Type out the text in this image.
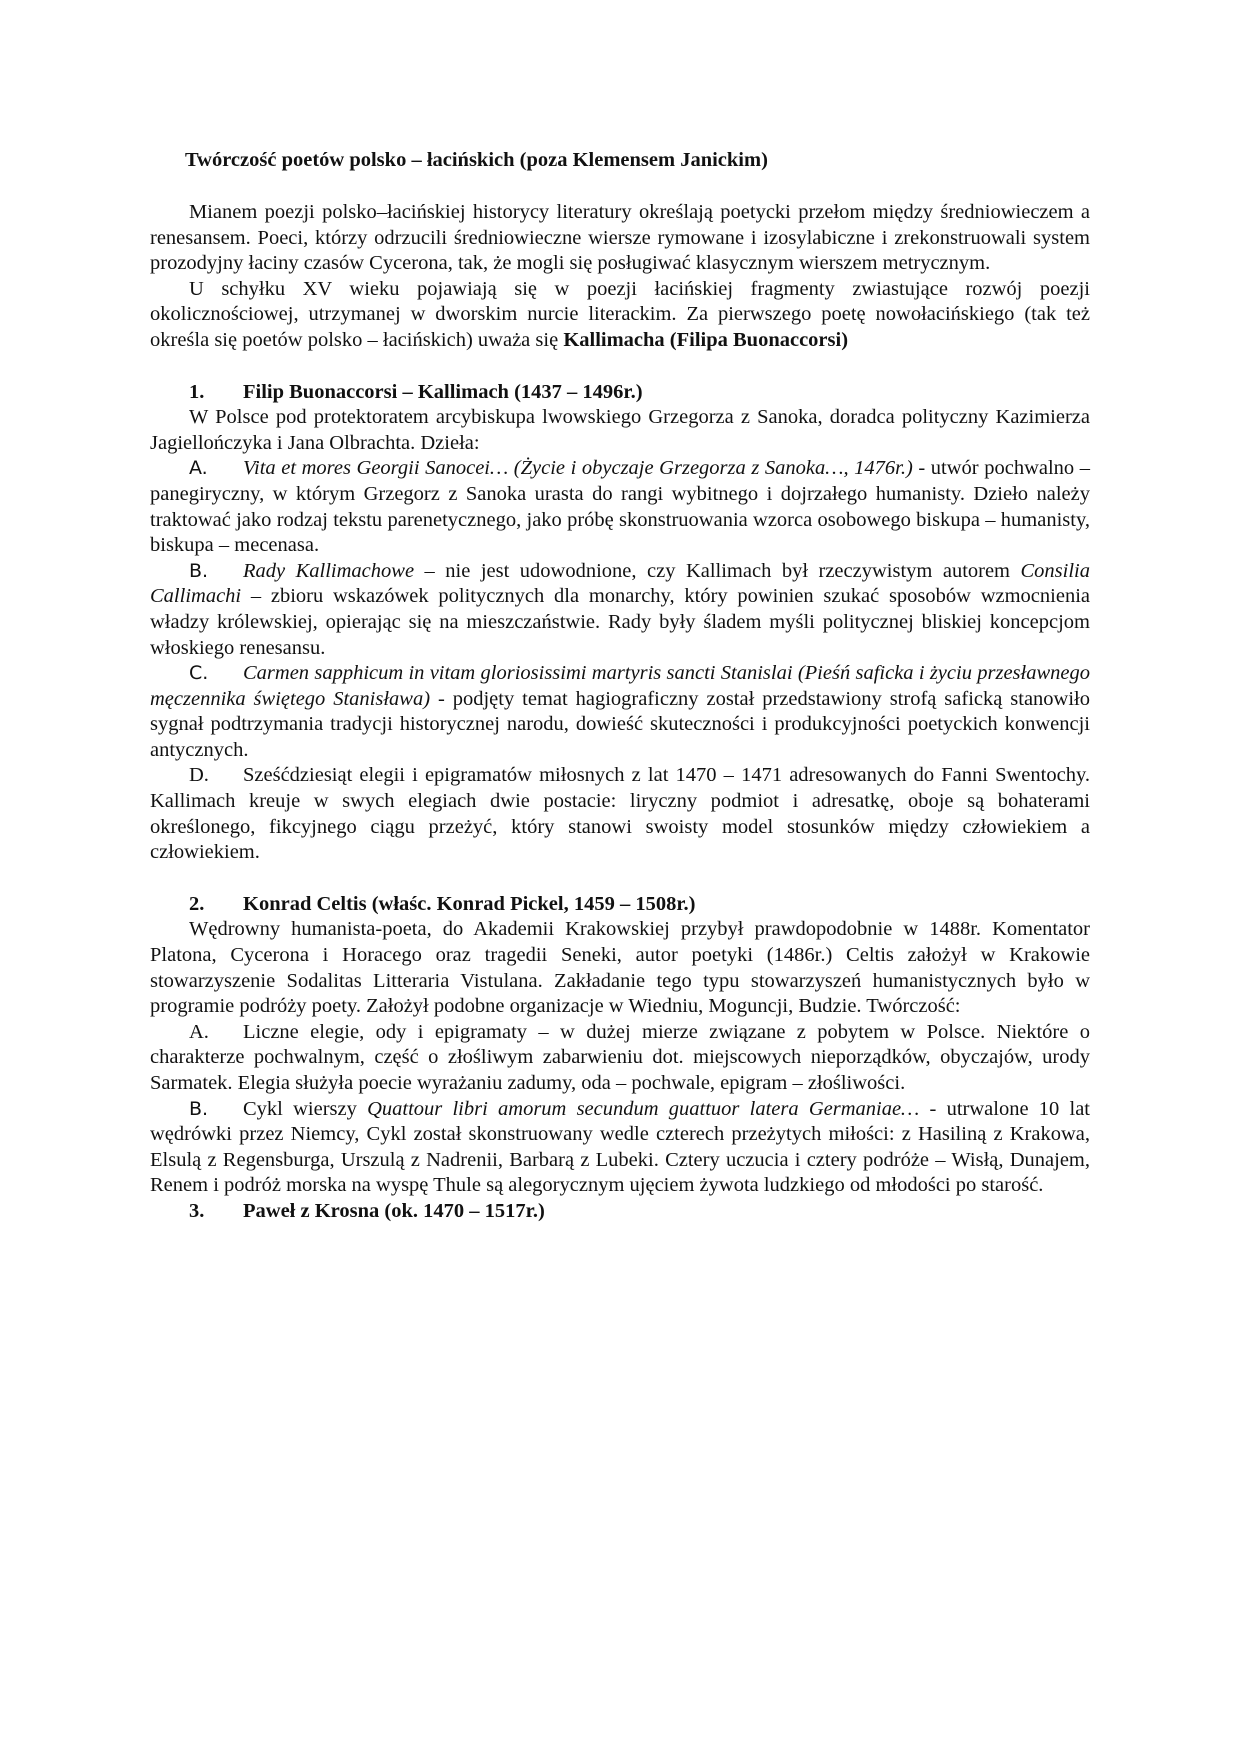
Twórczość poetów polsko – łacińskich (poza Klemensem Janickim)

Mianem poezji polsko–łacińskiej historycy literatury określają poetycki przełom między średniowieczem a renesansem. Poeci, którzy odrzucili średniowieczne wiersze rymowane i izosylabiczne i zrekonstruowali system prozodyjny łaciny czasów Cycerona, tak, że mogli się posługiwać klasycznym wierszem metrycznym.

U schyłku XV wieku pojawiają się w poezji łacińskiej fragmenty zwiastujące rozwój poezji okolicznościowej, utrzymanej w dworskim nurcie literackim. Za pierwszego poetę nowołacińskiego (tak też określa się poetów polsko – łacińskich) uważa się Kallimacha (Filipa Buonaccorsi)

1.	Filip Buonaccorsi – Kallimach (1437 – 1496r.)

W Polsce pod protektoratem arcybiskupa lwowskiego Grzegorza z Sanoka, doradca polityczny Kazimierza Jagiellończyka i Jana Olbrachta. Dzieła:

A. Vita et mores Georgii Sanocei… (Życie i obyczaje Grzegorza z Sanoka…, 1476r.) - utwór pochwalno – panegiryczny, w którym Grzegorz z Sanoka urasta do rangi wybitnego i dojrzałego humanisty. Dzieło należy traktować jako rodzaj tekstu parenetycznego, jako próbę skonstruowania wzorca osobowego biskupa – humanisty, biskupa – mecenasa.

B. Rady Kallimachowe – nie jest udowodnione, czy Kallimach był rzeczywistym autorem Consilia Callimachi – zbioru wskazówek politycznych dla monarchy, który powinien szukać sposobów wzmocnienia władzy królewskiej, opierając się na mieszczaństwie. Rady były śladem myśli politycznej bliskiej koncepcjom włoskiego renesansu.

C. Carmen sapphicum in vitam gloriosissimi martyris sancti Stanislai (Pieśń saficka i życiu przesławnego męczennika świętego Stanisława) - podjęty temat hagiograficzny został przedstawiony strofą saficką stanowiło sygnał podtrzymania tradycji historycznej narodu, dowieść skuteczności i produkcyjności poetyckich konwencji antycznych.

D. Sześćdziesiąt elegii i epigramatów miłosnych z lat 1470 – 1471 adresowanych do Fanni Swentochy. Kallimach kreuje w swych elegiach dwie postacie: liryczny podmiot i adresatkę, oboje są bohaterami określonego, fikcyjnego ciągu przeżyć, który stanowi swoisty model stosunków między człowiekiem a człowiekiem.

2.	Konrad Celtis (właśc. Konrad Pickel, 1459 – 1508r.)

Wędrowny humanista-poeta, do Akademii Krakowskiej przybył prawdopodobnie w 1488r. Komentator Platona, Cycerona i Horacego oraz tragedii Seneki, autor poetyki (1486r.) Celtis założył w Krakowie stowarzyszenie Sodalitas Litteraria Vistulana. Zakładanie tego typu stowarzyszeń humanistycznych było w programie podróży poety. Założył podobne organizacje w Wiedniu, Moguncji, Budzie. Twórczość:

A. Liczne elegie, ody i epigramaty – w dużej mierze związane z pobytem w Polsce. Niektóre o charakterze pochwalnym, część o złośliwym zabarwieniu dot. miejscowych nieporządków, obyczajów, urody Sarmatek. Elegia służyła poecie wyrażaniu zadumy, oda – pochwale, epigram – złośliwości.

B. Cykl wierszy Quattour libri amorum secundum guattuor latera Germaniae… - utrwalone 10 lat wędrówki przez Niemcy, Cykl został skonstruowany wedle czterech przeżytych miłości: z Hasiliną z Krakowa, Elsulą z Regensburga, Urszulą z Nadrenii, Barbarą z Lubeki. Cztery uczucia i cztery podróże – Wisłą, Dunajem, Renem i podróż morska na wyspę Thule są alegorycznym ujęciem żywota ludzkiego od młodości po starość.

3.	Paweł z Krosna (ok. 1470 – 1517r.)
